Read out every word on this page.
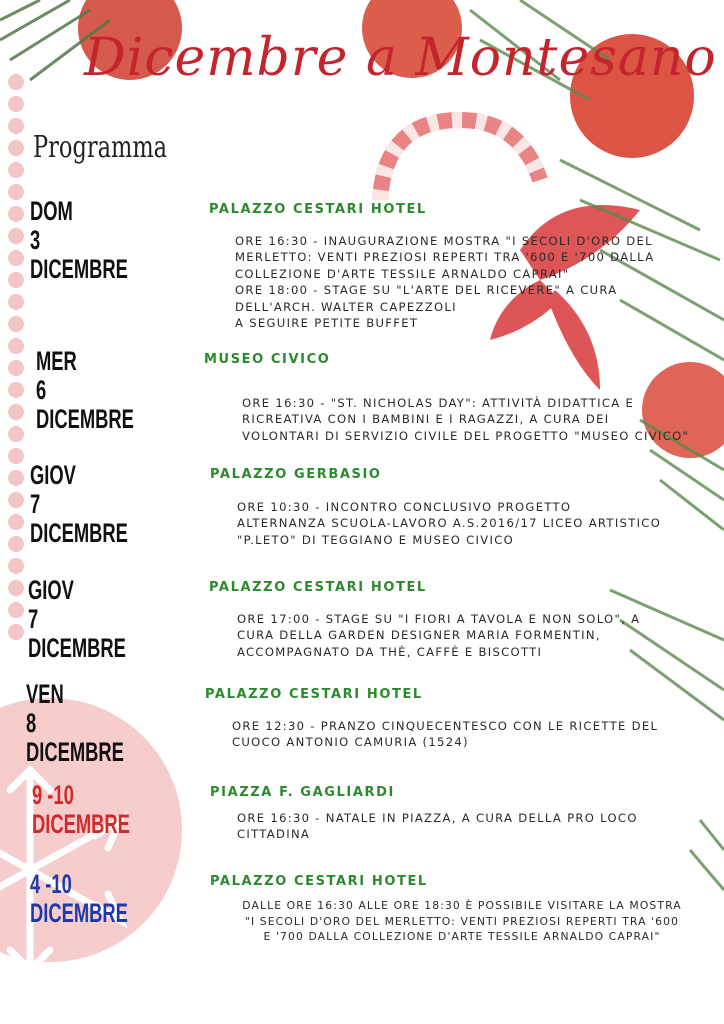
Dicembre a Montesano
Programma
DOM
3
DICEMBRE
PALAZZO CESTARI HOTEL
ORE 16:30 - INAUGURAZIONE MOSTRA "I SECOLI D'ORO DEL
MERLETTO: VENTI PREZIOSI REPERTI TRA '600 E '700 DALLA
COLLEZIONE D'ARTE TESSILE ARNALDO CAPRAI"
ORE 18:00 - STAGE SU "L'ARTE DEL RICEVERE" A CURA
DELL'ARCH. WALTER CAPEZZOLI
A SEGUIRE PETITE BUFFET
MER
6
DICEMBRE
MUSEO CIVICO
ORE 16:30 - "ST. NICHOLAS DAY": ATTIVITÀ DIDATTICA E
RICREATIVA CON I BAMBINI E I RAGAZZI, A CURA DEI
VOLONTARI DI SERVIZIO CIVILE DEL PROGETTO "MUSEO CIVICO"
GIOV
7
DICEMBRE
PALAZZO GERBASIO
ORE 10:30 - INCONTRO CONCLUSIVO PROGETTO
ALTERNANZA SCUOLA-LAVORO A.S.2016/17 LICEO ARTISTICO
"P.LETO" DI TEGGIANO E MUSEO CIVICO
GIOV
7
DICEMBRE
PALAZZO CESTARI HOTEL
ORE 17:00 - STAGE SU "I FIORI A TAVOLA E NON SOLO", A
CURA DELLA GARDEN DESIGNER MARIA FORMENTIN,
ACCOMPAGNATO DA THÈ, CAFFÈ E BISCOTTI
VEN
8
DICEMBRE
PALAZZO CESTARI HOTEL
ORE 12:30 - PRANZO CINQUECENTESCO CON LE RICETTE DEL
CUOCO ANTONIO CAMURIA (1524)
9 -10
DICEMBRE
PIAZZA F. GAGLIARDI
ORE 16:30 - NATALE IN PIAZZA, A CURA DELLA PRO LOCO
CITTADINA
4 -10
DICEMBRE
PALAZZO CESTARI HOTEL
DALLE ORE 16:30 ALLE ORE 18:30 È POSSIBILE VISITARE LA MOSTRA
"I SECOLI D'ORO DEL MERLETTO: VENTI PREZIOSI REPERTI TRA '600
E '700 DALLA COLLEZIONE D'ARTE TESSILE ARNALDO CAPRAI"
